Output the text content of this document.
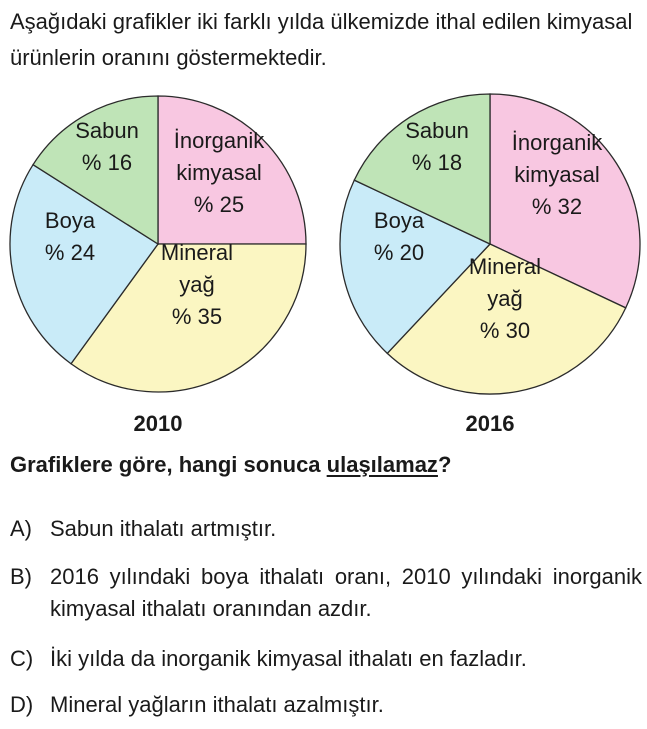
Aşağıdaki grafikler iki farklı yılda ülkemizde ithal edilen kimyasal ürünlerin oranını göstermektedir.
İnorganik kimyasal % 25
Mineral yağ % 35
Boya % 24
Sabun % 16
2010
İnorganik kimyasal % 32
Mineral yağ % 30
Boya % 20
Sabun % 18
2016
Grafiklere göre, hangi sonuca ulaşılamaz?
A) Sabun ithalatı artmıştır.
B) 2016 yılındaki boya ithalatı oranı, 2010 yılındaki inorganik kimyasal ithalatı oranından azdır.
C) İki yılda da inorganik kimyasal ithalatı en fazladır.
D) Mineral yağların ithalatı azalmıştır.
